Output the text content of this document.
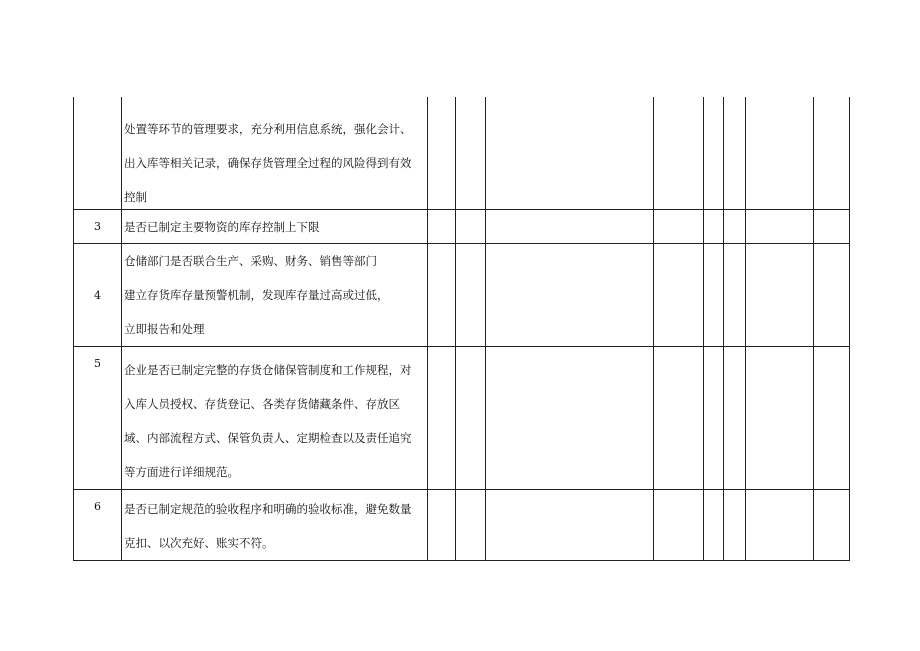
	处置等环节的管理要求，充分利用信息系统，强化会计、
出入库等相关记录，确保存货管理全过程的风险得到有效
控制								

3	是否已制定主要物资的库存控制上下限								

4	仓储部门是否联合生产、采购、财务、销售等部门
建立存货库存量预警机制，发现库存量过高或过低，
立即报告和处理								

5	企业是否已制定完整的存货仓储保管制度和工作规程，对
入库人员授权、存货登记、各类存货储藏条件、存放区
域、内部流程方式、保管负责人、定期检查以及责任追究
等方面进行详细规范。								

6	是否已制定规范的验收程序和明确的验收标准，避免数量
克扣、以次充好、账实不符。								
